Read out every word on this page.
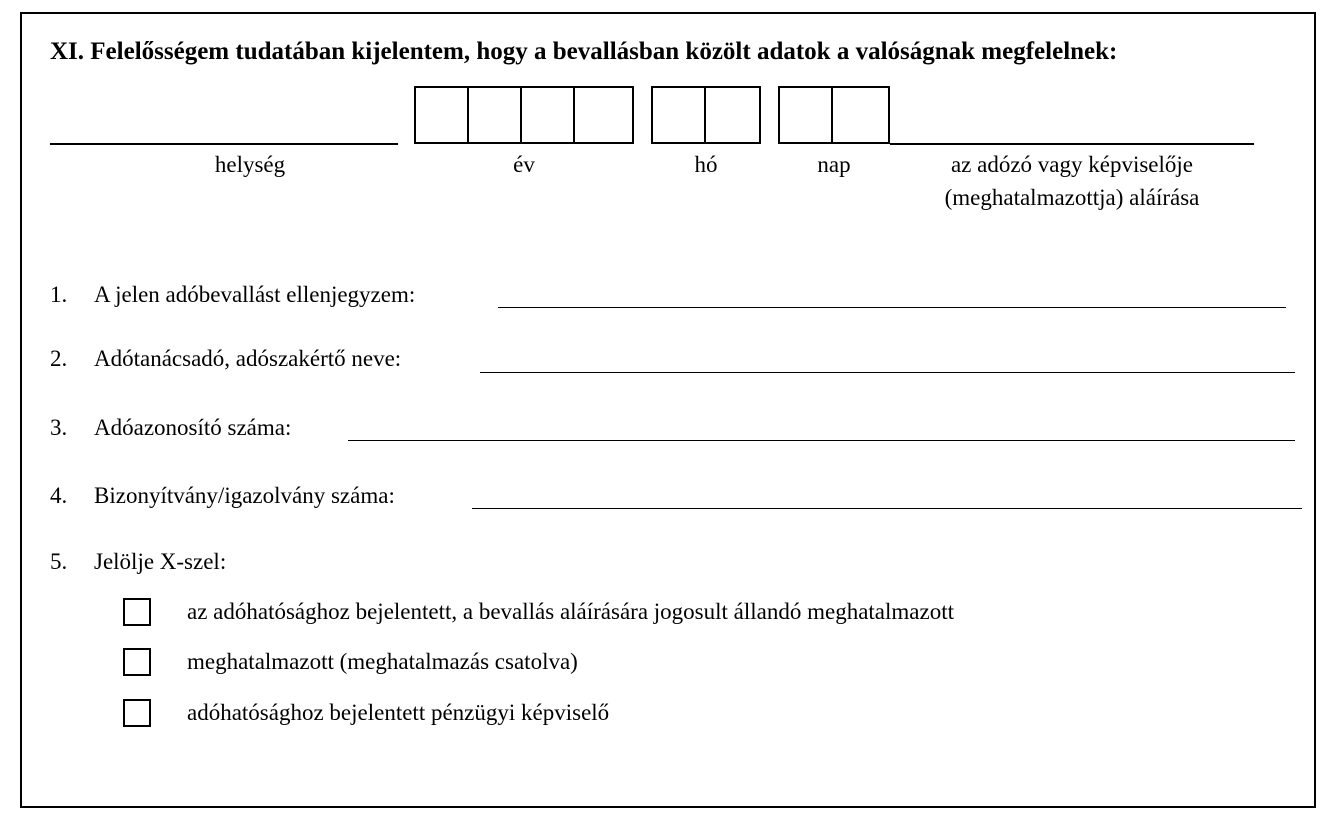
XI. Felelősségem tudatában kijelentem, hogy a bevallásban közölt adatok a valóságnak megfelelnek:
helység	év	hó	nap	az adózó vagy képviselője
(meghatalmazottja) aláírása
1. A jelen adóbevallást ellenjegyzem:
2. Adótanácsadó, adószakértő neve:
3. Adóazonosító száma:
4. Bizonyítvány/igazolvány száma:
5. Jelölje X-szel:
az adóhatósághoz bejelentett, a bevallás aláírására jogosult állandó meghatalmazott
meghatalmazott (meghatalmazás csatolva)
adóhatósághoz bejelentett pénzügyi képviselő
